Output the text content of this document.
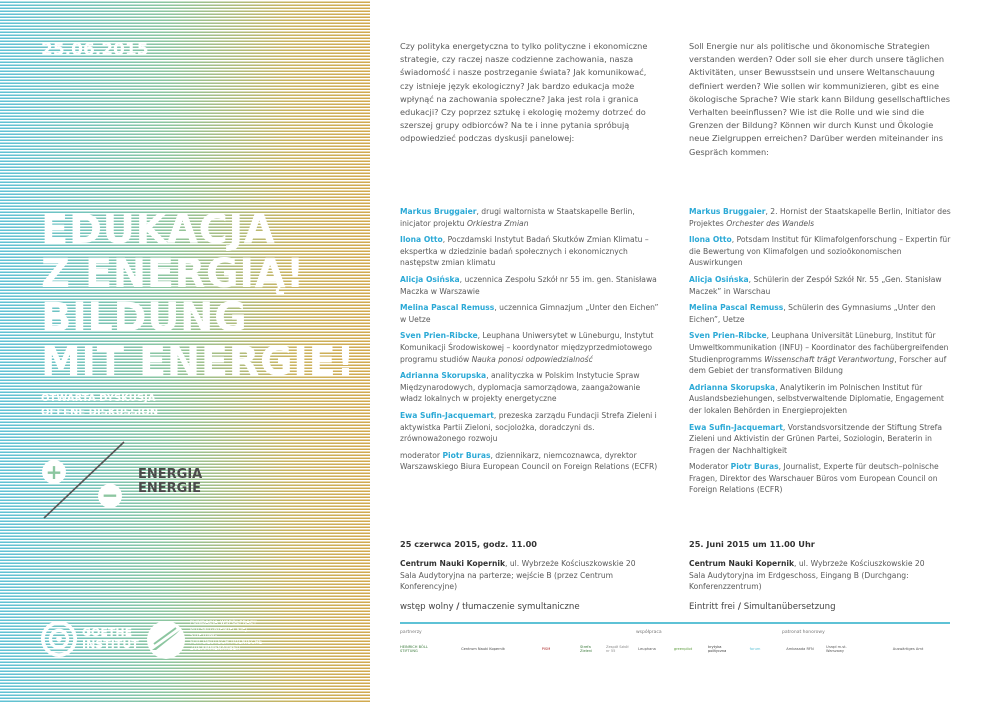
25.06.2015
EDUKACJA
Z ENERGIĄ!
BILDUNG
MIT ENERGIE!
OTWARTA DYSKUSJA
OFFENE DISKUSSION
+
−
ENERGIA
ENERGIE
GOETHE
INSTITUT
FUNDACJA WSPÓŁPRACY
POLSKO-NIEMIECKIEJ
STIFTUNG
FÜR DEUTSCH-POLNISCHE
ZUSAMMENARBEIT
Czy polityka energetyczna to tylko polityczne i ekonomiczne strategie, czy raczej nasze codzienne zachowania, nasza świadomość i nasze postrzeganie świata? Jak komunikować, czy istnieje język ekologiczny? Jak bardzo edukacja może wpłynąć na zachowania społeczne? Jaka jest rola i granica edukacji? Czy poprzez sztukę i ekologię możemy dotrzeć do szerszej grupy odbiorców? Na te i inne pytania spróbują odpowiedzieć podczas dyskusji panelowej:
Markus Bruggaier, drugi waltornista w Staatskapelle Berlin, inicjator projektu Orkiestra Zmian
Ilona Otto, Poczdamski Instytut Badań Skutków Zmian Klimatu – ekspertka w dziedzinie badań społecznych i ekonomicznych następstw zmian klimatu
Alicja Osińska, uczennica Zespołu Szkół nr 55 im. gen. Stanisława Maczka w Warszawie
Melina Pascal Remuss, uczennica Gimnazjum „Unter den Eichen” w Uetze
Sven Prien-Ribcke, Leuphana Uniwersytet w Lüneburgu, Instytut Komunikacji Środowiskowej – koordynator międzyprzedmiotowego programu studiów Nauka ponosi odpowiedzialność
Adrianna Skorupska, analityczka w Polskim Instytucie Spraw Międzynarodowych, dyplomacja samorządowa, zaangażowanie władz lokalnych w projekty energetyczne
Ewa Sufin-Jacquemart, prezeska zarządu Fundacji Strefa Zieleni i aktywistka Partii Zieloni, socjolożka, doradczyni ds. zrównoważonego rozwoju
moderator Piotr Buras, dziennikarz, niemcoznawca, dyrektor Warszawskiego Biura European Council on Foreign Relations (ECFR)
25 czerwca 2015, godz. 11.00
Centrum Nauki Kopernik, ul. Wybrzeże Kościuszkowskie 20
Sala Audytoryjna na parterze; wejście B (przez Centrum Konferencyjne)
wstęp wolny / tłumaczenie symultaniczne
Soll Energie nur als politische und ökonomische Strategien verstanden werden? Oder soll sie eher durch unsere täglichen Aktivitäten, unser Bewusstsein und unsere Weltanschauung definiert werden? Wie sollen wir kommunizieren, gibt es eine ökologische Sprache? Wie stark kann Bildung gesellschaftliches Verhalten beeinflussen? Wie ist die Rolle und wie sind die Grenzen der Bildung? Können wir durch Kunst und Ökologie neue Zielgruppen erreichen? Darüber werden miteinander ins Gespräch kommen:
Markus Bruggaier, 2. Hornist der Staatskapelle Berlin, Initiator des Projektes Orchester des Wandels
Ilona Otto, Potsdam Institut für Klimafolgenforschung – Expertin für die Bewertung von Klimafolgen und sozioökonomischen Auswirkungen
Alicja Osińska, Schülerin der Zespół Szkół Nr. 55 „Gen. Stanisław Maczek” in Warschau
Melina Pascal Remuss, Schülerin des Gymnasiums „Unter den Eichen”, Uetze
Sven Prien-Ribcke, Leuphana Universität Lüneburg, Institut für Umweltkommunikation (INFU) – Koordinator des fachübergreifenden Studienprogramms Wissenschaft trägt Verantwortung, Forscher auf dem Gebiet der transformativen Bildung
Adrianna Skorupska, Analytikerin im Polnischen Institut für Auslandsbeziehungen, selbstverwaltende Diplomatie, Engagement der lokalen Behörden in Energieprojekten
Ewa Sufin-Jacquemart, Vorstandsvorsitzende der Stiftung Strefa Zieleni und Aktivistin der Grünen Partei, Soziologin, Beraterin in Fragen der Nachhaltigkeit
Moderator Piotr Buras, Journalist, Experte für deutsch–polnische Fragen, Direktor des Warschauer Büros vom European Council on Foreign Relations (ECFR)
25. Juni 2015 um 11.00 Uhr
Centrum Nauki Kopernik, ul. Wybrzeże Kościuszkowskie 20
Sala Audytoryjna im Erdgeschoss, Eingang B (Durchgang: Konferenzzentrum)
Eintritt frei / Simultanübersetzung
partnerzy	współpraca	patronat honorowy
HEINRICH BÖLL STIFTUNG	Centrum Nauki Kopernik	PISM	Strefa Zieleni
Zespół Szkół nr 55	Leuphana	greenpilot	krytyka polityczna	forum	Ambasada RFN	Urząd m.st. Warszawy	Auswärtiges Amt
